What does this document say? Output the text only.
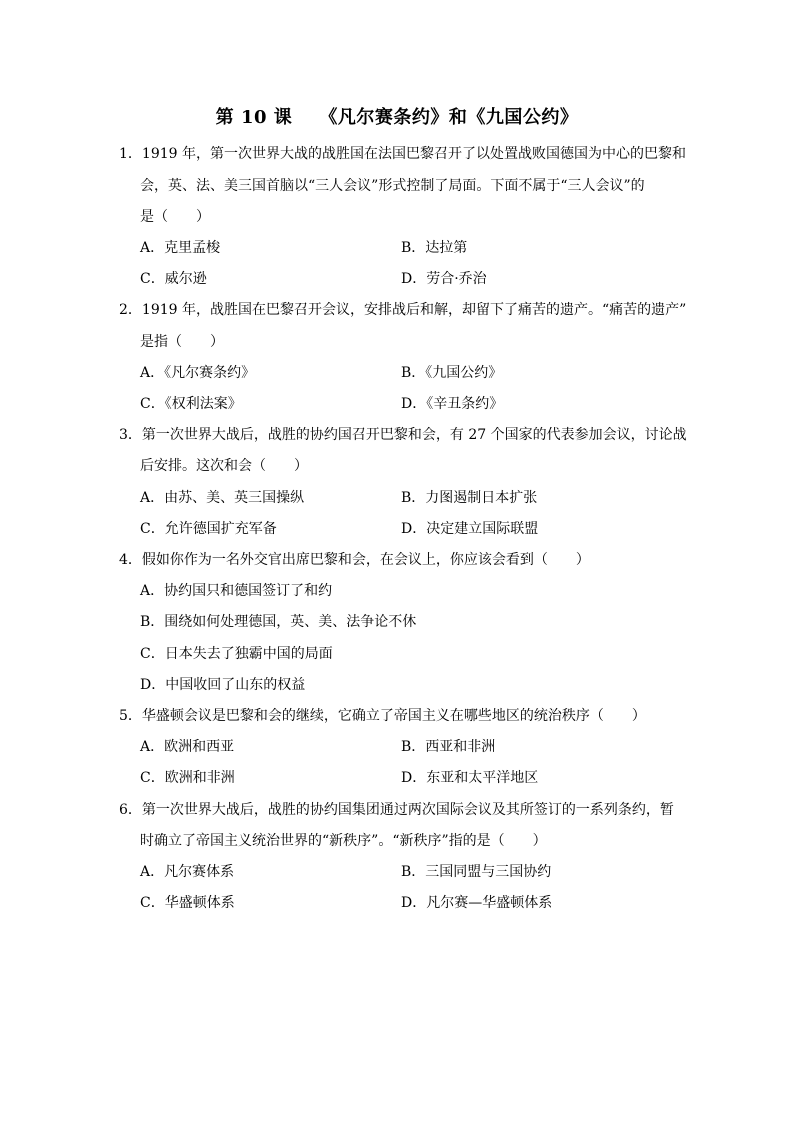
第 10 课    《凡尔赛条约》和《九国公约》
1．1919 年，第一次世界大战的战胜国在法国巴黎召开了以处置战败国德国为中心的巴黎和
会，英、法、美三国首脑以“三人会议”形式控制了局面。下面不属于“三人会议”的
是（　　）
A．克里孟梭	B．达拉第
C．威尔逊	D．劳合·乔治
2．1919 年，战胜国在巴黎召开会议，安排战后和解，却留下了痛苦的遗产。“痛苦的遗产”
是指（　　）
A．《凡尔赛条约》	B．《九国公约》
C．《权利法案》	D．《辛丑条约》
3．第一次世界大战后，战胜的协约国召开巴黎和会，有 27 个国家的代表参加会议，讨论战
后安排。这次和会（　　）
A．由苏、美、英三国操纵	B．力图遏制日本扩张
C．允许德国扩充军备	D．决定建立国际联盟
4．假如你作为一名外交官出席巴黎和会，在会议上，你应该会看到（　　）
A．协约国只和德国签订了和约
B．围绕如何处理德国，英、美、法争论不休
C．日本失去了独霸中国的局面
D．中国收回了山东的权益
5．华盛顿会议是巴黎和会的继续，它确立了帝国主义在哪些地区的统治秩序（　　）
A．欧洲和西亚	B．西亚和非洲
C．欧洲和非洲	D．东亚和太平洋地区
6．第一次世界大战后，战胜的协约国集团通过两次国际会议及其所签订的一系列条约，暂
时确立了帝国主义统治世界的“新秩序”。“新秩序”指的是（　　）
A．凡尔赛体系	B．三国同盟与三国协约
C．华盛顿体系	D．凡尔赛—华盛顿体系
